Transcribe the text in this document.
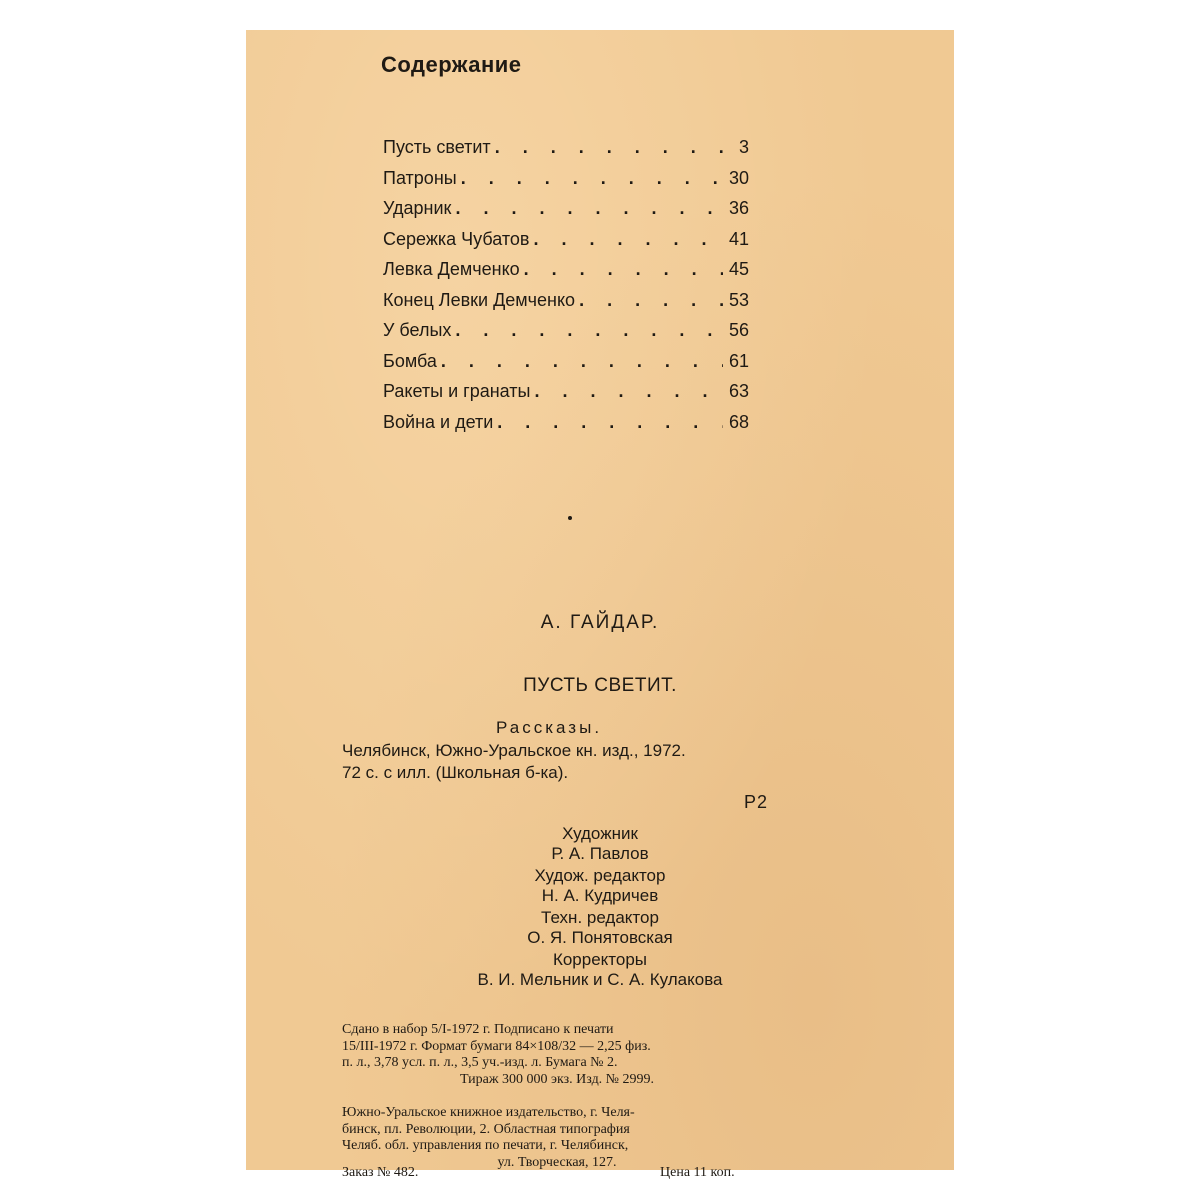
Содержание
Пусть светит . . .	3
Патроны . . .	30
Ударник . . .	36
Сережка Чубатов . . .	41
Левка Демченко . . .	45
Конец Левки Демченко . . .	53
У белых . . .	56
Бомба . . .	61
Ракеты и гранаты . . .	63
Война и дети . . .	68
А. ГАЙДАР.
ПУСТЬ СВЕТИТ.
Рассказы.
Челябинск, Южно-Уральское кн. изд., 1972.
72 с. с илл. (Школьная б-ка).
Р2
Художник
Р. А. Павлов
Худож. редактор
Н. А. Кудричев
Техн. редактор
О. Я. Понятовская
Корректоры
В. И. Мельник и С. А. Кулакова
Сдано в набор 5/I-1972 г. Подписано к печати
15/III-1972 г. Формат бумаги 84×108/32 — 2,25 физ.
п. л., 3,78 усл. п. л., 3,5 уч.-изд. л. Бумага № 2.
Тираж 300 000 экз. Изд. № 2999.
Южно-Уральское книжное издательство, г. Челя-
бинск, пл. Революции, 2. Областная типография
Челяб. обл. управления по печати, г. Челябинск,
ул. Творческая, 127.
Заказ № 482.	Цена 11 коп.
